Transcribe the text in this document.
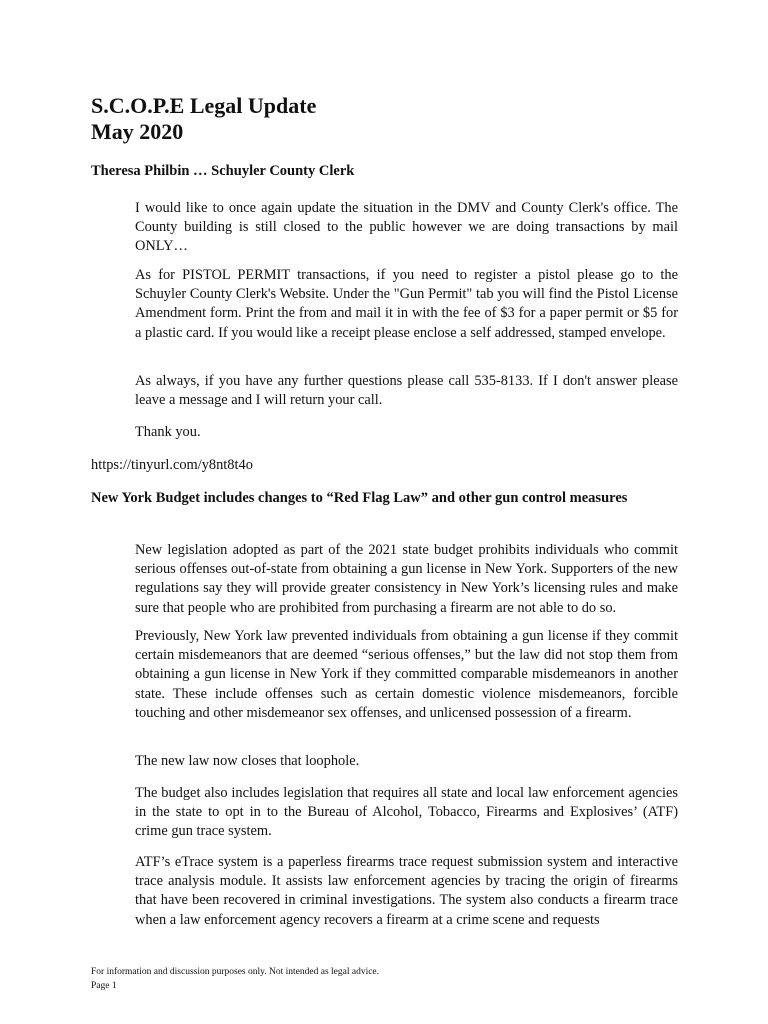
S.C.O.P.E Legal Update
May 2020

Theresa Philbin … Schuyler County Clerk

I would like to once again update the situation in the DMV and County Clerk's office. The County building is still closed to the public however we are doing transactions by mail ONLY…

As for PISTOL PERMIT transactions, if you need to register a pistol please go to the Schuyler County Clerk's Website. Under the "Gun Permit" tab you will find the Pistol License Amendment form. Print the from and mail it in with the fee of $3 for a paper permit or $5 for a plastic card. If you would like a receipt please enclose a self addressed, stamped envelope.

As always, if you have any further questions please call 535-8133. If I don't answer please leave a message and I will return your call.

Thank you.

https://tinyurl.com/y8nt8t4o

New York Budget includes changes to “Red Flag Law” and other gun control measures

New legislation adopted as part of the 2021 state budget prohibits individuals who commit serious offenses out-of-state from obtaining a gun license in New York. Supporters of the new regulations say they will provide greater consistency in New York’s licensing rules and make sure that people who are prohibited from purchasing a firearm are not able to do so.

Previously, New York law prevented individuals from obtaining a gun license if they commit certain misdemeanors that are deemed “serious offenses,” but the law did not stop them from obtaining a gun license in New York if they committed comparable misdemeanors in another state. These include offenses such as certain domestic violence misdemeanors, forcible touching and other misdemeanor sex offenses, and unlicensed possession of a firearm.

The new law now closes that loophole.

The budget also includes legislation that requires all state and local law enforcement agencies in the state to opt in to the Bureau of Alcohol, Tobacco, Firearms and Explosives’ (ATF) crime gun trace system.

ATF’s eTrace system is a paperless firearms trace request submission system and interactive trace analysis module. It assists law enforcement agencies by tracing the origin of firearms that have been recovered in criminal investigations. The system also conducts a firearm trace when a law enforcement agency recovers a firearm at a crime scene and requests

For information and discussion purposes only. Not intended as legal advice.
Page 1
